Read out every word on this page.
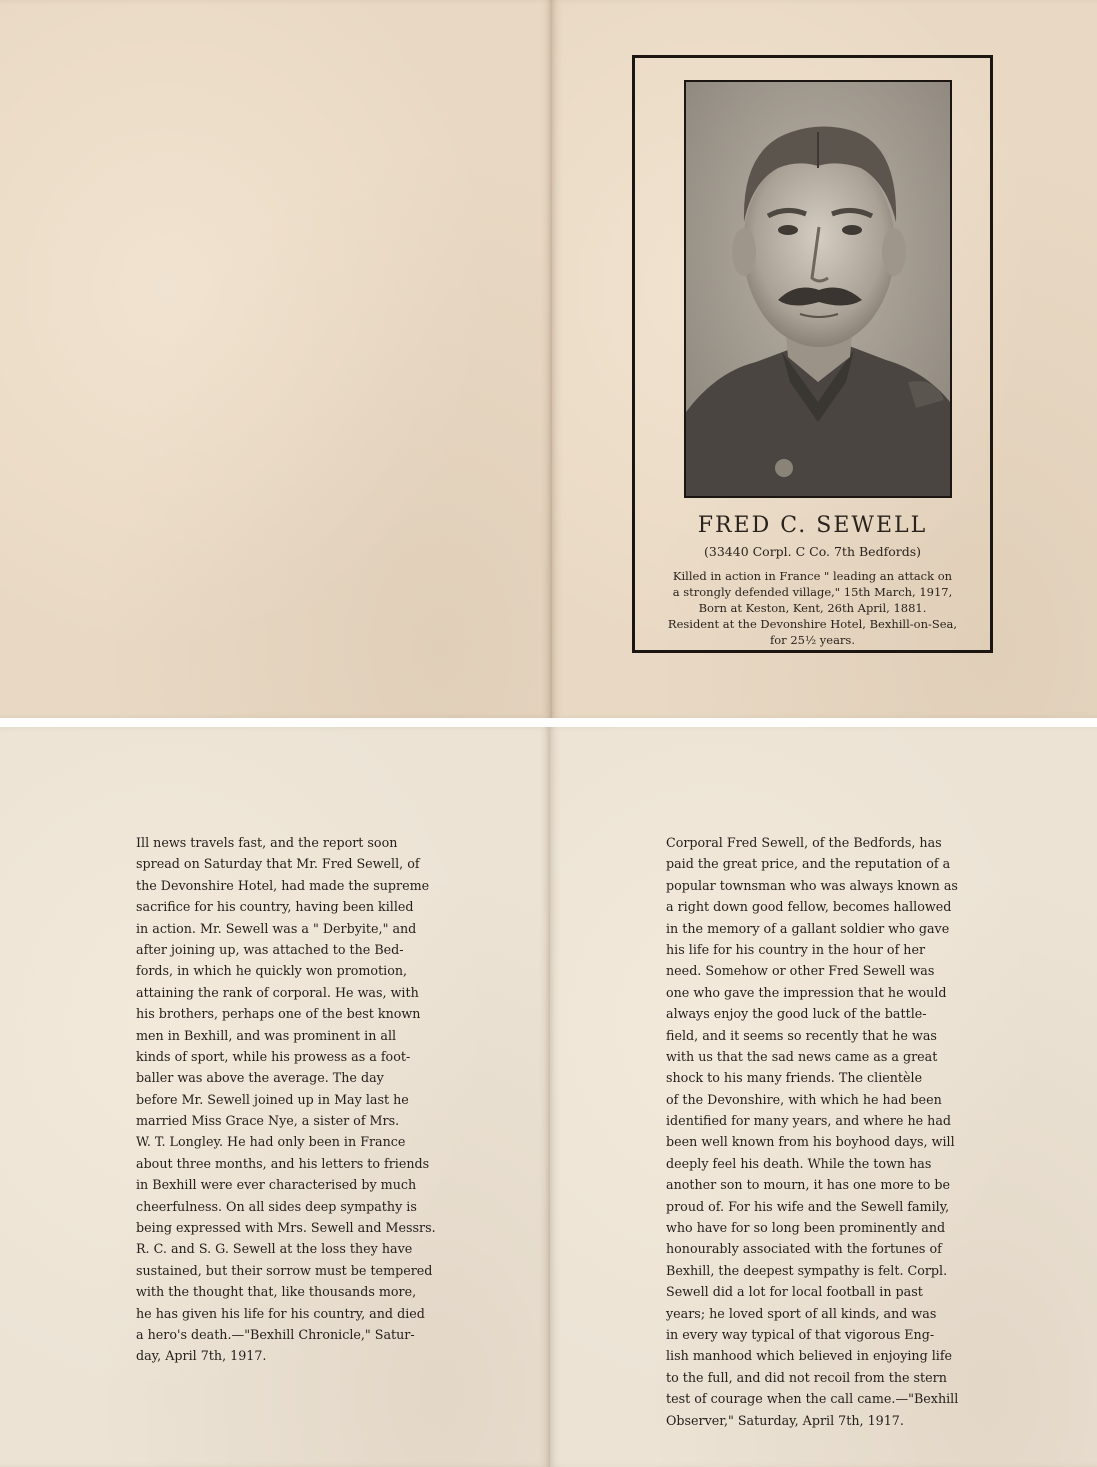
FRED C. SEWELL
(33440 Corpl. C Co. 7th Bedfords)
Killed in action in France " leading an attack on
a strongly defended village," 15th March, 1917,
Born at Keston, Kent, 26th April, 1881.
Resident at the Devonshire Hotel, Bexhill-on-Sea,
for 25½ years.
Ill news travels fast, and the report soon
spread on Saturday that Mr. Fred Sewell, of
the Devonshire Hotel, had made the supreme
sacrifice for his country, having been killed
in action. Mr. Sewell was a " Derbyite," and
after joining up, was attached to the Bed-
fords, in which he quickly won promotion,
attaining the rank of corporal. He was, with
his brothers, perhaps one of the best known
men in Bexhill, and was prominent in all
kinds of sport, while his prowess as a foot-
baller was above the average. The day
before Mr. Sewell joined up in May last he
married Miss Grace Nye, a sister of Mrs.
W. T. Longley. He had only been in France
about three months, and his letters to friends
in Bexhill were ever characterised by much
cheerfulness. On all sides deep sympathy is
being expressed with Mrs. Sewell and Messrs.
R. C. and S. G. Sewell at the loss they have
sustained, but their sorrow must be tempered
with the thought that, like thousands more,
he has given his life for his country, and died
a hero's death.—"Bexhill Chronicle," Satur-
day, April 7th, 1917.
Corporal Fred Sewell, of the Bedfords, has
paid the great price, and the reputation of a
popular townsman who was always known as
a right down good fellow, becomes hallowed
in the memory of a gallant soldier who gave
his life for his country in the hour of her
need. Somehow or other Fred Sewell was
one who gave the impression that he would
always enjoy the good luck of the battle-
field, and it seems so recently that he was
with us that the sad news came as a great
shock to his many friends. The clientèle
of the Devonshire, with which he had been
identified for many years, and where he had
been well known from his boyhood days, will
deeply feel his death. While the town has
another son to mourn, it has one more to be
proud of. For his wife and the Sewell family,
who have for so long been prominently and
honourably associated with the fortunes of
Bexhill, the deepest sympathy is felt. Corpl.
Sewell did a lot for local football in past
years; he loved sport of all kinds, and was
in every way typical of that vigorous Eng-
lish manhood which believed in enjoying life
to the full, and did not recoil from the stern
test of courage when the call came.—"Bexhill
Observer," Saturday, April 7th, 1917.
